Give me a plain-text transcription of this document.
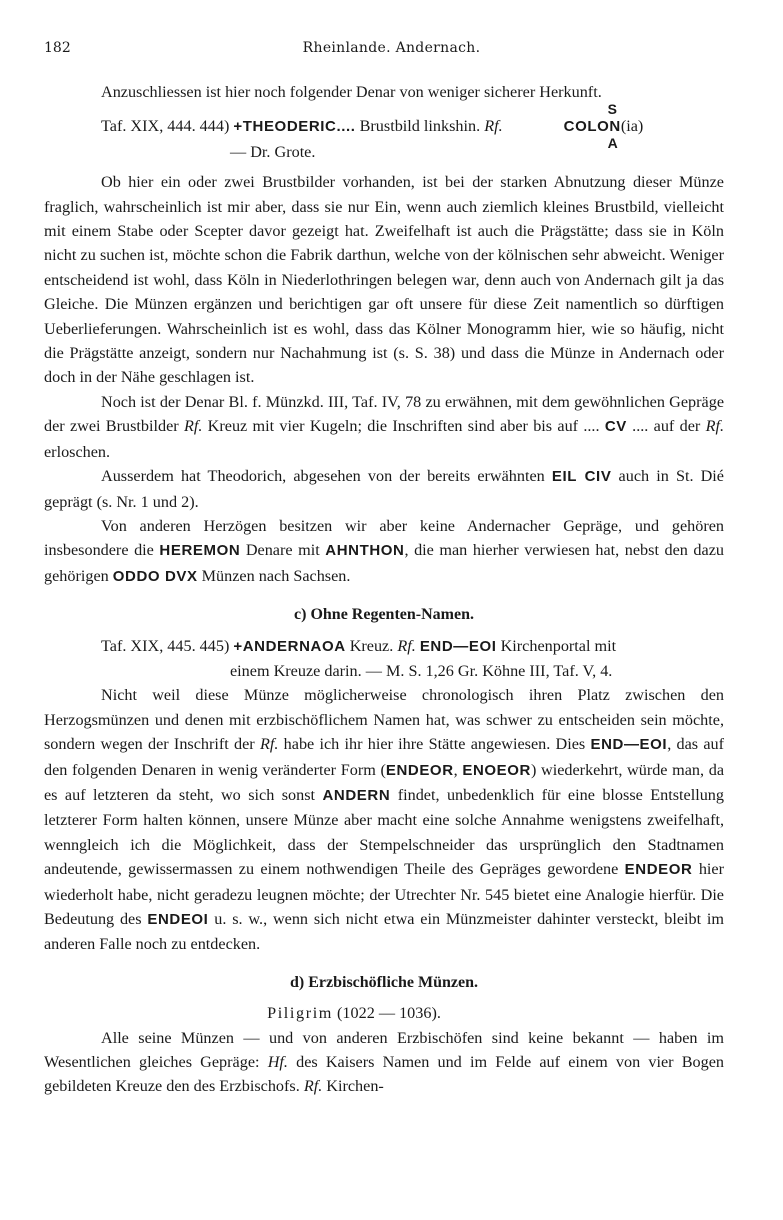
182	Rheinlande. Andernach.

Anzuschliessen ist hier noch folgender Denar von weniger sicherer Herkunft.

Taf. XIX, 444. 444) +THEODERIC.... Brustbild linkshin. Rf.	COLON
S
A
(ia)

— Dr. Grote.

Ob hier ein oder zwei Brustbilder vorhanden, ist bei der starken Abnutzung dieser Münze fraglich, wahrscheinlich ist mir aber, dass sie nur Ein, wenn auch ziemlich kleines Brustbild, vielleicht mit einem Stabe oder Scepter davor gezeigt hat. Zweifelhaft ist auch die Prägstätte; dass sie in Köln nicht zu suchen ist, möchte schon die Fabrik darthun, welche von der kölnischen sehr abweicht. Weniger entscheidend ist wohl, dass Köln in Niederlothringen belegen war, denn auch von Andernach gilt ja das Gleiche. Die Münzen ergänzen und berichtigen gar oft unsere für diese Zeit namentlich so dürftigen Ueberlieferungen. Wahrscheinlich ist es wohl, dass das Kölner Monogramm hier, wie so häufig, nicht die Prägstätte anzeigt, sondern nur Nachahmung ist (s. S. 38) und dass die Münze in Andernach oder doch in der Nähe geschlagen ist.

Noch ist der Denar Bl. f. Münzkd. III, Taf. IV, 78 zu erwähnen, mit dem gewöhnlichen Gepräge der zwei Brustbilder Rf. Kreuz mit vier Kugeln; die Inschriften sind aber bis auf .... CV .... auf der Rf. erloschen.

Ausserdem hat Theodorich, abgesehen von der bereits erwähnten EIL CIV auch in St. Dié geprägt (s. Nr. 1 und 2).

Von anderen Herzögen besitzen wir aber keine Andernacher Gepräge, und gehören insbesondere die HEREMON Denare mit AHNTHON, die man hierher verwiesen hat, nebst den dazu gehörigen ODDO DVX Münzen nach Sachsen.

c) Ohne Regenten-Namen.

Taf. XIX, 445. 445) +ANDERNAOA Kreuz. Rf. END—EOI Kirchenportal mit

einem Kreuze darin. — M. S. 1,26 Gr. Köhne III, Taf. V, 4.

Nicht weil diese Münze möglicherweise chronologisch ihren Platz zwischen den Herzogsmünzen und denen mit erzbischöflichem Namen hat, was schwer zu entscheiden sein möchte, sondern wegen der Inschrift der Rf. habe ich ihr hier ihre Stätte angewiesen. Dies END—EOI, das auf den folgenden Denaren in wenig veränderter Form (ENDEOR, ENOEOR) wiederkehrt, würde man, da es auf letzteren da steht, wo sich sonst ANDERN findet, unbedenklich für eine blosse Entstellung letzterer Form halten können, unsere Münze aber macht eine solche Annahme wenigstens zweifelhaft, wenngleich ich die Möglichkeit, dass der Stempelschneider das ursprünglich den Stadtnamen andeutende, gewissermassen zu einem nothwendigen Theile des Gepräges gewordene ENDEOR hier wiederholt habe, nicht geradezu leugnen möchte; der Utrechter Nr. 545 bietet eine Analogie hierfür. Die Bedeutung des ENDEOI u. s. w., wenn sich nicht etwa ein Münzmeister dahinter versteckt, bleibt im anderen Falle noch zu entdecken.

d) Erzbischöfliche Münzen.

Piligrim (1022 — 1036).

Alle seine Münzen — und von anderen Erzbischöfen sind keine bekannt — haben im Wesentlichen gleiches Gepräge: Hf. des Kaisers Namen und im Felde auf einem von vier Bogen gebildeten Kreuze den des Erzbischofs. Rf. Kirchen-
